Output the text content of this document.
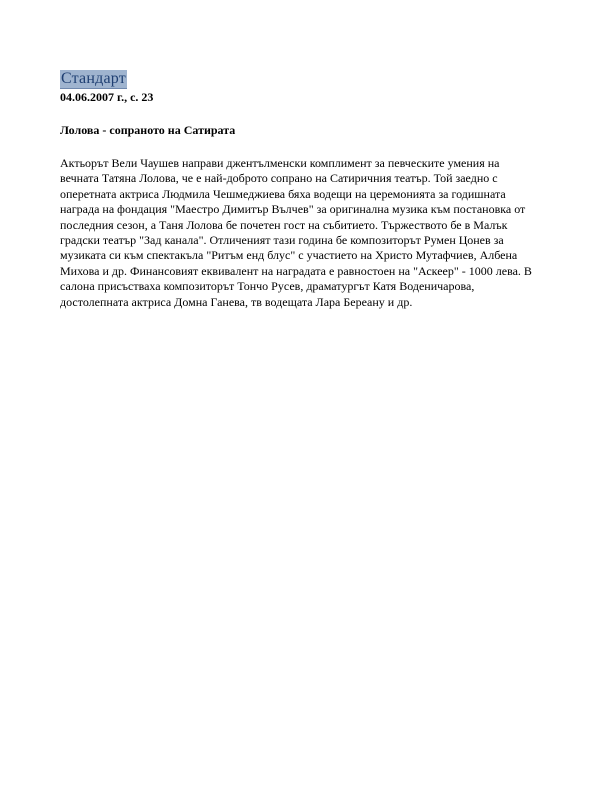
Стандарт
04.06.2007 г., с. 23
Лолова - сопраното на Сатирата
Актьорът Вели Чаушев направи джентълменски комплимент за певческите умения на вечната Татяна Лолова, че е най-доброто сопрано на Сатиричния театър. Той заедно с оперетната актриса Людмила Чешмеджиева бяха водещи на церемонията за годишната награда на фондация "Маестро Димитър Вълчев" за оригинална музика към постановка от последния сезон, а Таня Лолова бе почетен гост на събитието. Тържеството бе в Малък градски театър "Зад канала". Отличеният тази година бе композиторът Румен Цонев за музиката си към спектакъла "Ритъм енд блус" с участието на Христо Мутафчиев, Албена Михова и др. Финансовият еквивалент на наградата е равностоен на "Аскеер" - 1000 лева. В салона присъстваха композиторът Тончо Русев, драматургът Катя Воденичарова, достолепната актриса Домна Ганева, тв водещата Лара Береану и др.
